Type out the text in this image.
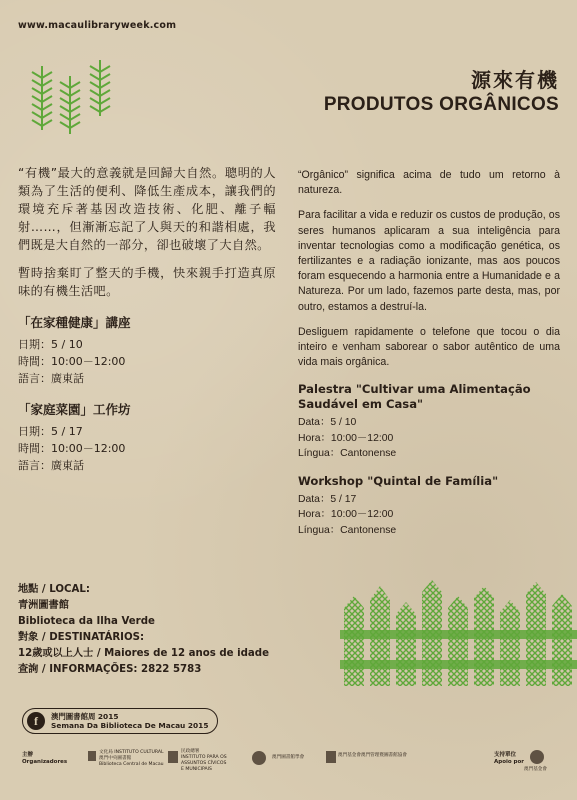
www.macaulibraryweek.com
源來有機
PRODUTOS ORGÂNICOS

“有機”最大的意義就是回歸大自然。聰明的人類為了生活的便利、降低生產成本，讓我們的環境充斥著基因改造技術、化肥、離子輻射……，但漸漸忘記了人與天的和諧相處，我們既是大自然的一部分，卻也破壞了大自然。

暫時捨棄盯了整天的手機，快來親手打造真原味的有機生活吧。

「在家種健康」講座
日期：5 / 10
時間：10:00－12:00
語言：廣東話
「家庭菜園」工作坊
日期：5 / 17
時間：10:00－12:00
語言：廣東話

“Orgânico” significa acima de tudo um retorno à natureza.

Para facilitar a vida e reduzir os custos de produção, os seres humanos aplicaram a sua inteligência para inventar tecnologias como a modificação genética, os fertilizantes e a radiação ionizante, mas aos poucos foram esquecendo a harmonia entre a Humanidade e a Natureza. Por um lado, fazemos parte desta, mas, por outro, estamos a destruí-la.

Desliguem rapidamente o telefone que tocou o dia inteiro e venham saborear o sabor autêntico de uma vida mais orgânica.

Palestra "Cultivar uma Alimentação Saudável em Casa"
Data：5 / 10
Hora：10:00－12:00
Língua：Cantonense
Workshop "Quintal de Família"
Data：5 / 17
Hora：10:00－12:00
Língua：Cantonense
地點 / LOCAL:
青洲圖書館
Biblioteca da Ilha Verde
對象 / DESTINATÁRIOS:
12歲或以上人士 / Maiores de 12 anos de idade
查詢 / INFORMAÇÕES: 2822 5783
f	澳門圖書館周 2015
Semana Da Biblioteca De Macau 2015
主辦
Organizadores
文化局 INSTITUTO CULTURAL
澳門中央圖書館
Biblioteca Central de Macau
民政總署
INSTITUTO PARA OS
ASSUNTOS CÍVICOS
E MUNICIPAIS
澳門圖書館學會	澳門基金會澳門管理暨圖書館協會	支持單位
Apoio por
澳門基金會
